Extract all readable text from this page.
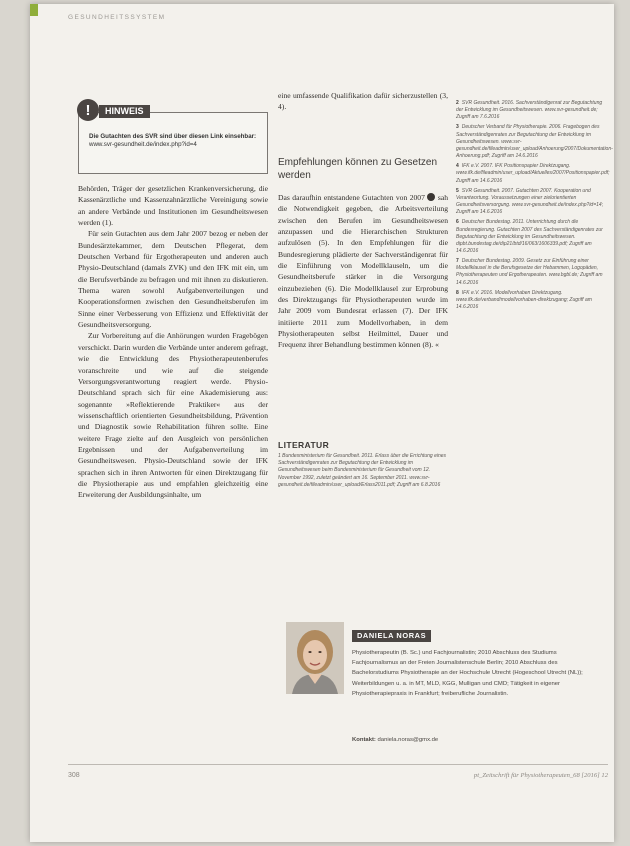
GESUNDHEITSSYSTEM
!	HINWEIS
Die Gutachten des SVR sind über diesen Link einsehbar: www.svr-gesundheit.de/index.php?id=4

Behörden, Träger der gesetzlichen Krankenversicherung, die Kassenärztliche und Kassenzahnärztliche Vereinigung sowie an andere Verbände und Institutionen im Gesundheitswesen werden (1).

Für sein Gutachten aus dem Jahr 2007 bezog er neben der Bundesärztekammer, dem Deutschen Pflegerat, dem Deutschen Verband für Ergotherapeuten und anderen auch Physio-Deutschland (damals ZVK) und den IFK mit ein, um die Berufsverbände zu befragen und mit ihnen zu diskutieren. Thema waren sowohl Aufgabenverteilungen und Kooperationsformen zwischen den Gesundheitsberufen im Sinne einer Verbesserung von Effizienz und Effektivität der Gesundheitsversorgung.

Zur Vorbereitung auf die Anhörungen wurden Fragebögen verschickt. Darin wurden die Verbände unter anderem gefragt, wie die Entwicklung des Physiotherapeutenberufes voranschreite und wie auf die steigende Versorgungsverantwortung reagiert werde. Physio-Deutschland sprach sich für eine Akademisierung aus: sogenannte »Reflektierende Praktiker« aus der wissenschaftlich orientierten Gesundheitsbildung, Prävention und Diagnostik sowie Rehabilitation führen sollte. Eine weitere Frage zielte auf den Ausgleich von persönlichen Ergebnissen und der Aufgabenverteilung im Gesundheitswesen. Physio-Deutschland sowie der IFK sprachen sich in ihren Antworten für einen Direktzugang für die Physiotherapie aus und empfahlen gleichzeitig eine Erweiterung der Ausbildungsinhalte, um

eine umfassende Qualifikation dafür sicherzustellen (3, 4).

Empfehlungen können zu Gesetzen werden
Das daraufhin entstandene Gutachten von 2007 sah die Notwendigkeit gegeben, die Arbeitsverteilung zwischen den Berufen im Gesundheitswesen anzupassen und die Hierarchischen Strukturen aufzulösen (5). In den Empfehlungen für die Bundesregierung plädierte der Sachverständigenrat für die Einführung von Modellklauseln, um die Gesundheitsberufe stärker in die Versorgung einzubeziehen (6). Die Modellklausel zur Erprobung des Direktzugangs für Physiotherapeuten wurde im Jahr 2009 vom Bundesrat erlassen (7). Der IFK initiierte 2011 zum Modellvorhaben, in dem Physiotherapeuten selbst Heilmittel, Dauer und Frequenz ihrer Behandlung bestimmen können (8). «
LITERATUR
1 Bundesministerium für Gesundheit. 2011. Erlass über die Errichtung eines Sachverständigenrates zur Begutachtung der Entwicklung im Gesundheitswesen beim Bundesministerium für Gesundheit vom 12. November 1992, zuletzt geändert am 16. September 2011. www.svr-gesundheit.de/fileadmin/user_upload/Erlass2011.pdf; Zugriff am 6.8.2016
2 SVR Gesundheit. 2016. Sachverständigenrat zur Begutachtung der Entwicklung im Gesundheitswesen. www.svr-gesundheit.de; Zugriff am 7.6.2016
3 Deutscher Verband für Physiotherapie. 2006. Fragebogen des Sachverständigenrates zur Begutachtung der Entwicklung im Gesundheitswesen. www.svr-gesundheit.de/fileadmin/user_upload/Anhoerung/2007/Dokumentation-Anhoerung.pdf; Zugriff am 14.6.2016
4 IFK e.V. 2007. IFK Positionspapier Direktzugang. www.ifk.de/fileadmin/user_upload/Aktuelles/2007/Positionspapier.pdf; Zugriff am 14.6.2016
5 SVR Gesundheit. 2007. Gutachten 2007. Kooperation und Verantwortung. Voraussetzungen einer zielorientierten Gesundheitsversorgung. www.svr-gesundheit.de/index.php?id=14; Zugriff am 14.6.2016
6 Deutscher Bundestag. 2011. Unterrichtung durch die Bundesregierung. Gutachten 2007 des Sachverständigenrates zur Begutachtung der Entwicklung im Gesundheitswesen. dipbt.bundestag.de/dip21/btd/16/063/1606339.pdf; Zugriff am 14.6.2016
7 Deutscher Bundestag. 2009. Gesetz zur Einführung einer Modellklausel in die Berufsgesetze der Hebammen, Logopäden, Physiotherapeuten und Ergotherapeuten. www.bgbl.de; Zugriff am 14.6.2016
8 IFK e.V. 2016. Modellvorhaben Direktzugang. www.ifk.de/verband/modellvorhaben-direktzugang; Zugriff am 14.6.2016
DANIELA NORAS
Physiotherapeutin (B. Sc.) und Fachjournalistin; 2010 Abschluss des Studiums Fachjournalismus an der Freien Journalistenschule Berlin; 2010 Abschluss des Bachelorstudiums Physiotherapie an der Hochschule Utrecht (Hogeschool Utrecht (NL)); Weiterbildungen u. a. in MT, MLD, KGG, Mulligan und CMD; Tätigkeit in eigener Physiotherapiepraxis in Frankfurt; freiberufliche Journalistin.
Kontakt: daniela.noras@gmx.de
308	pt_Zeitschrift für Physiotherapeuten_68 [2016] 12
